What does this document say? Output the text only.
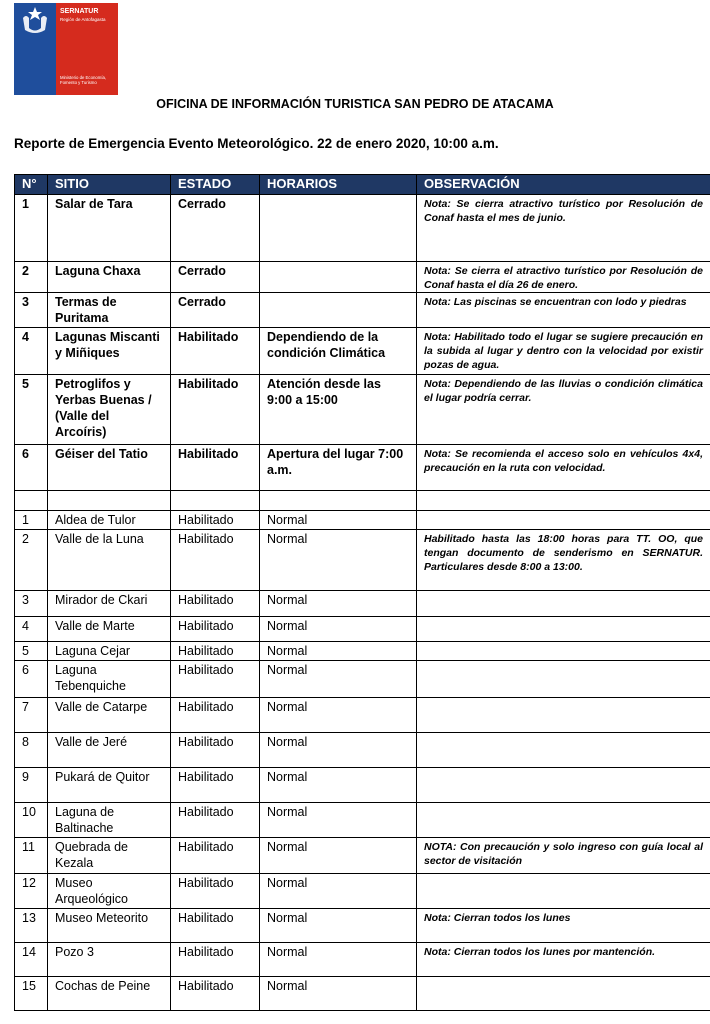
SERNATUR
Región de Antofagasta
Ministerio de Economía, Fomento y Turismo
OFICINA DE INFORMACIÓN TURISTICA SAN PEDRO DE ATACAMA
Reporte de Emergencia Evento Meteorológico. 22 de enero 2020, 10:00 a.m.
N°	SITIO	ESTADO	HORARIOS	OBSERVACIÓN
1	Salar de Tara	Cerrado		Nota: Se cierra atractivo turístico por Resolución de Conaf hasta el mes de junio.
2	Laguna Chaxa	Cerrado		Nota: Se cierra el atractivo turístico por Resolución de Conaf hasta el día 26 de enero.
3	Termas de Puritama	Cerrado		Nota: Las piscinas se encuentran con lodo y piedras
4	Lagunas Miscanti y Miñiques	Habilitado	Dependiendo de la condición Climática	Nota: Habilitado todo el lugar se sugiere precaución en la subida al lugar y dentro con la velocidad por existir pozas de agua.
5	Petroglifos y Yerbas Buenas / (Valle del Arcoíris)	Habilitado	Atención desde las 9:00 a 15:00	Nota: Dependiendo de las lluvias o condición climática el lugar podría cerrar.
6	Géiser del Tatio	Habilitado	Apertura del lugar 7:00 a.m.	Nota: Se recomienda el acceso solo en vehículos 4x4, precaución en la ruta con velocidad.

1	Aldea de Tulor	Habilitado	Normal	
2	Valle de la Luna	Habilitado	Normal	Habilitado hasta las 18:00 horas para TT. OO, que tengan documento de senderismo en SERNATUR. Particulares desde 8:00 a 13:00.
3	Mirador de Ckari	Habilitado	Normal	
4	Valle de Marte	Habilitado	Normal	
5	Laguna Cejar	Habilitado	Normal	
6	Laguna Tebenquiche	Habilitado	Normal	
7	Valle de Catarpe	Habilitado	Normal	
8	Valle de Jeré	Habilitado	Normal	
9	Pukará de Quitor	Habilitado	Normal	
10	Laguna de Baltinache	Habilitado	Normal	
11	Quebrada de Kezala	Habilitado	Normal	NOTA: Con precaución y solo ingreso con guía local al sector de visitación
12	Museo Arqueológico	Habilitado	Normal	
13	Museo Meteorito	Habilitado	Normal	Nota: Cierran todos los lunes
14	Pozo 3	Habilitado	Normal	Nota: Cierran todos los lunes por mantención.
15	Cochas de Peine	Habilitado	Normal	
